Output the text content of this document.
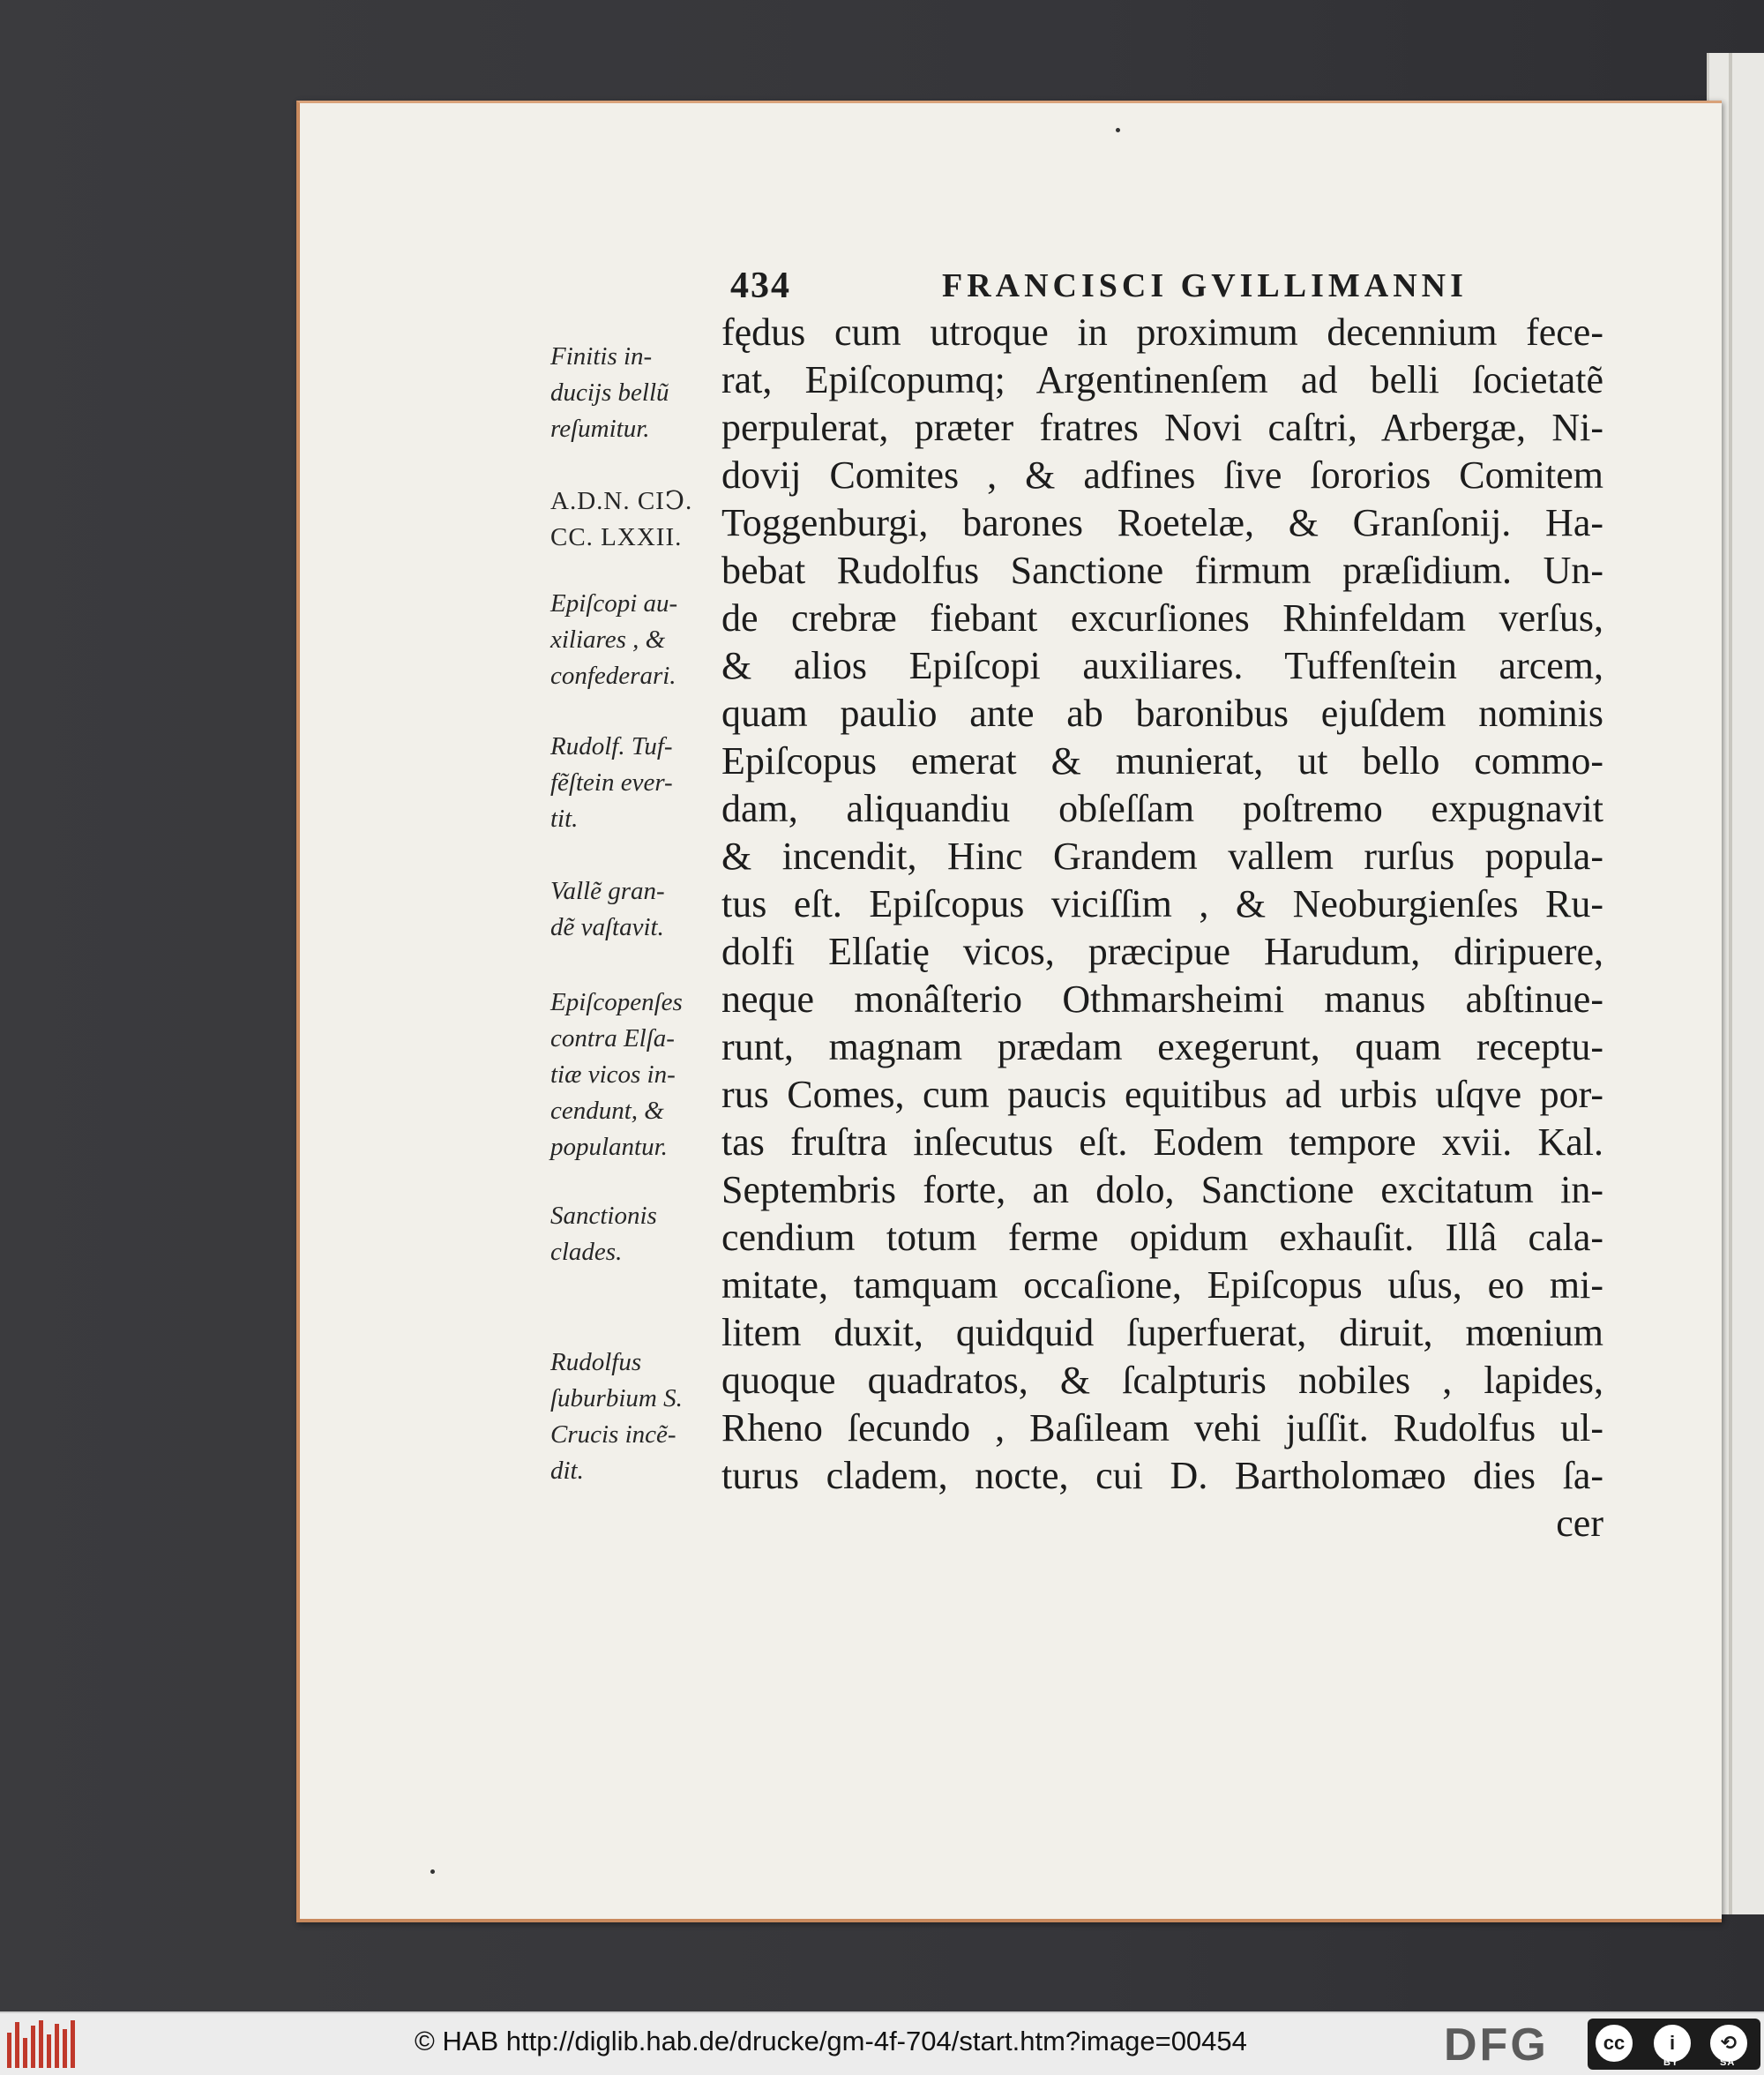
434	FRANCISCI GVILLIMANNI
fędus cum utroque in proximum decennium fece-
rat, Epiſcopumq; Argentinenſem ad belli ſocietatẽ
perpulerat, præter fratres Novi caſtri, Arbergæ, Ni-
dovij Comites , & adfines ſive ſororios Comitem
Toggenburgi, barones Roetelæ, & Granſonij. Ha-
bebat Rudolfus Sanctione firmum præſidium. Un-
de crebræ fiebant excurſiones Rhinfeldam verſus,
& alios Epiſcopi auxiliares. Tuffenſtein arcem,
quam paulio ante ab baronibus ejuſdem nominis
Epiſcopus emerat & munierat, ut bello commo-
dam, aliquandiu obſeſſam poſtremo expugnavit
& incendit, Hinc Grandem vallem rurſus popula-
tus eſt. Epiſcopus viciſſim , & Neoburgienſes Ru-
dolfi Elſatię vicos, præcipue Harudum, diripuere,
neque monâſterio Othmarsheimi manus abſtinue-
runt, magnam prædam exegerunt, quam receptu-
rus Comes, cum paucis equitibus ad urbis uſqve por-
tas fruſtra inſecutus eſt. Eodem tempore xvii. Kal.
Septembris forte, an dolo, Sanctione excitatum in-
cendium totum ferme opidum exhauſit. Illâ cala-
mitate, tamquam occaſione, Epiſcopus uſus, eo mi-
litem duxit, quidquid ſuperfuerat, diruit, mœnium
quoque quadratos, & ſcalpturis nobiles , lapides,
Rheno ſecundo , Baſileam vehi juſſit. Rudolfus ul-
turus cladem, nocte, cui D. Bartholomæo dies ſa-
cer
Finitis in-
ducijs bellũ
reſumitur.
A.D.N. CIↃ.
CC. LXXII.
Epiſcopi au-
xiliares , &
confederari.
Rudolf. Tuf-
fẽſtein ever-
tit.
Vallẽ gran-
dẽ vaſtavit.
Epiſcopenſes
contra Elſa-
tiæ vicos in-
cendunt, &
populantur.
Sanctionis
clades.
Rudolfus
ſuburbium S.
Crucis incẽ-
dit.
© HAB http://diglib.hab.de/drucke/gm-4f-704/start.htm?image=00454	DFG	cc	i	⟲
BY	SA
